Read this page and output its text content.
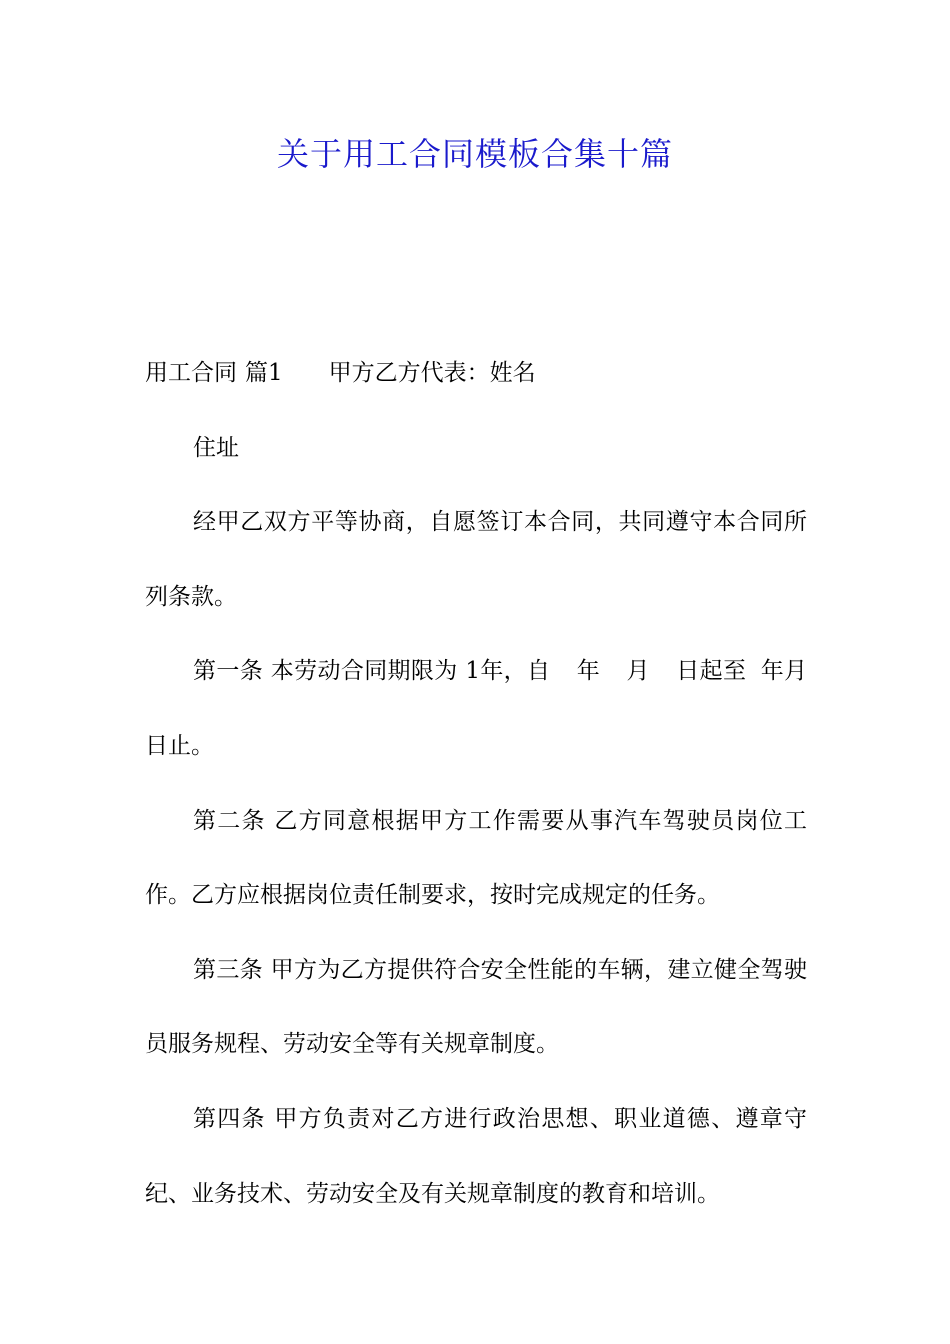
关于用工合同模板合集十篇

用工合同 篇1 甲方乙方代表：姓名

住址

经甲乙双方平等协商，自愿签订本合同，共同遵守本合同所列条款。

第一条 本劳动合同期限为 1年，自 年 月 日起至 年月日止。

第二条 乙方同意根据甲方工作需要从事汽车驾驶员岗位工作。乙方应根据岗位责任制要求，按时完成规定的任务。

第三条 甲方为乙方提供符合安全性能的车辆，建立健全驾驶员服务规程、劳动安全等有关规章制度。

第四条 甲方负责对乙方进行政治思想、职业道德、遵章守纪、业务技术、劳动安全及有关规章制度的教育和培训。
